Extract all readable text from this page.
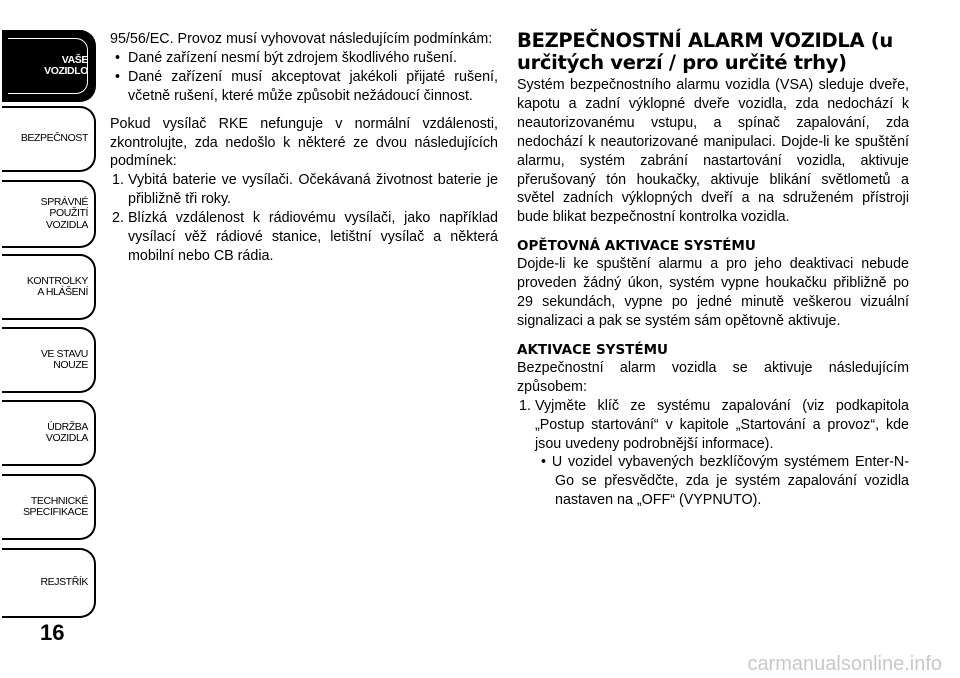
VAŠE
VOZIDLO
BEZPEČNOST
SPRÁVNÉ
POUŽITÍ
VOZIDLA
KONTROLKY
A HLÁŠENÍ
VE STAVU
NOUZE
ÚDRŽBA
VOZIDLA
TECHNICKÉ
SPECIFIKACE
REJSTŘÍK
16

95/56/EC. Provoz musí vyhovovat následujícím podmínkám:

• Dané zařízení nesmí být zdrojem škodlivého rušení.

• Dané zařízení musí akceptovat jakékoli přijaté rušení, včetně rušení, které může způsobit nežádoucí činnost.

Pokud vysílač RKE nefunguje v normální vzdálenosti, zkontrolujte, zda nedošlo k některé ze dvou následujících podmínek:

1. Vybitá baterie ve vysílači. Očekávaná životnost baterie je přibližně tři roky.

2. Blízká vzdálenost k rádiovému vysílači, jako například vysílací věž rádiové stanice, letištní vysílač a některá mobilní nebo CB rádia.

BEZPEČNOSTNÍ ALARM VOZIDLA (u
určitých verzí / pro určité trhy)

Systém bezpečnostního alarmu vozidla (VSA) sleduje dveře, kapotu a zadní výklopné dveře vozidla, zda nedochází k neautorizovanému vstupu, a spínač zapalování, zda nedochází k neautorizované manipulaci. Dojde-li ke spuštění alarmu, systém zabrání nastartování vozidla, aktivuje přerušovaný tón houkačky, aktivuje blikání světlometů a světel zadních výklopných dveří a na sdruženém přístroji bude blikat bezpečnostní kontrolka vozidla.

OPĚTOVNÁ AKTIVACE SYSTÉMU

Dojde-li ke spuštění alarmu a pro jeho deaktivaci nebude proveden žádný úkon, systém vypne houkačku přibližně po 29 sekundách, vypne po jedné minutě veškerou vizuální signalizaci a pak se systém sám opětovně aktivuje.

AKTIVACE SYSTÉMU

Bezpečnostní alarm vozidla se aktivuje následujícím způsobem:

1. Vyjměte klíč ze systému zapalování (viz podkapitola „Postup startování“ v kapitole „Startování a provoz“, kde jsou uvedeny podrobnější informace).

• U vozidel vybavených bezklíčovým systémem Enter-N-Go se přesvědčte, zda je systém zapalování vozidla nastaven na „OFF“ (VYPNUTO).

carmanualsonline.info
